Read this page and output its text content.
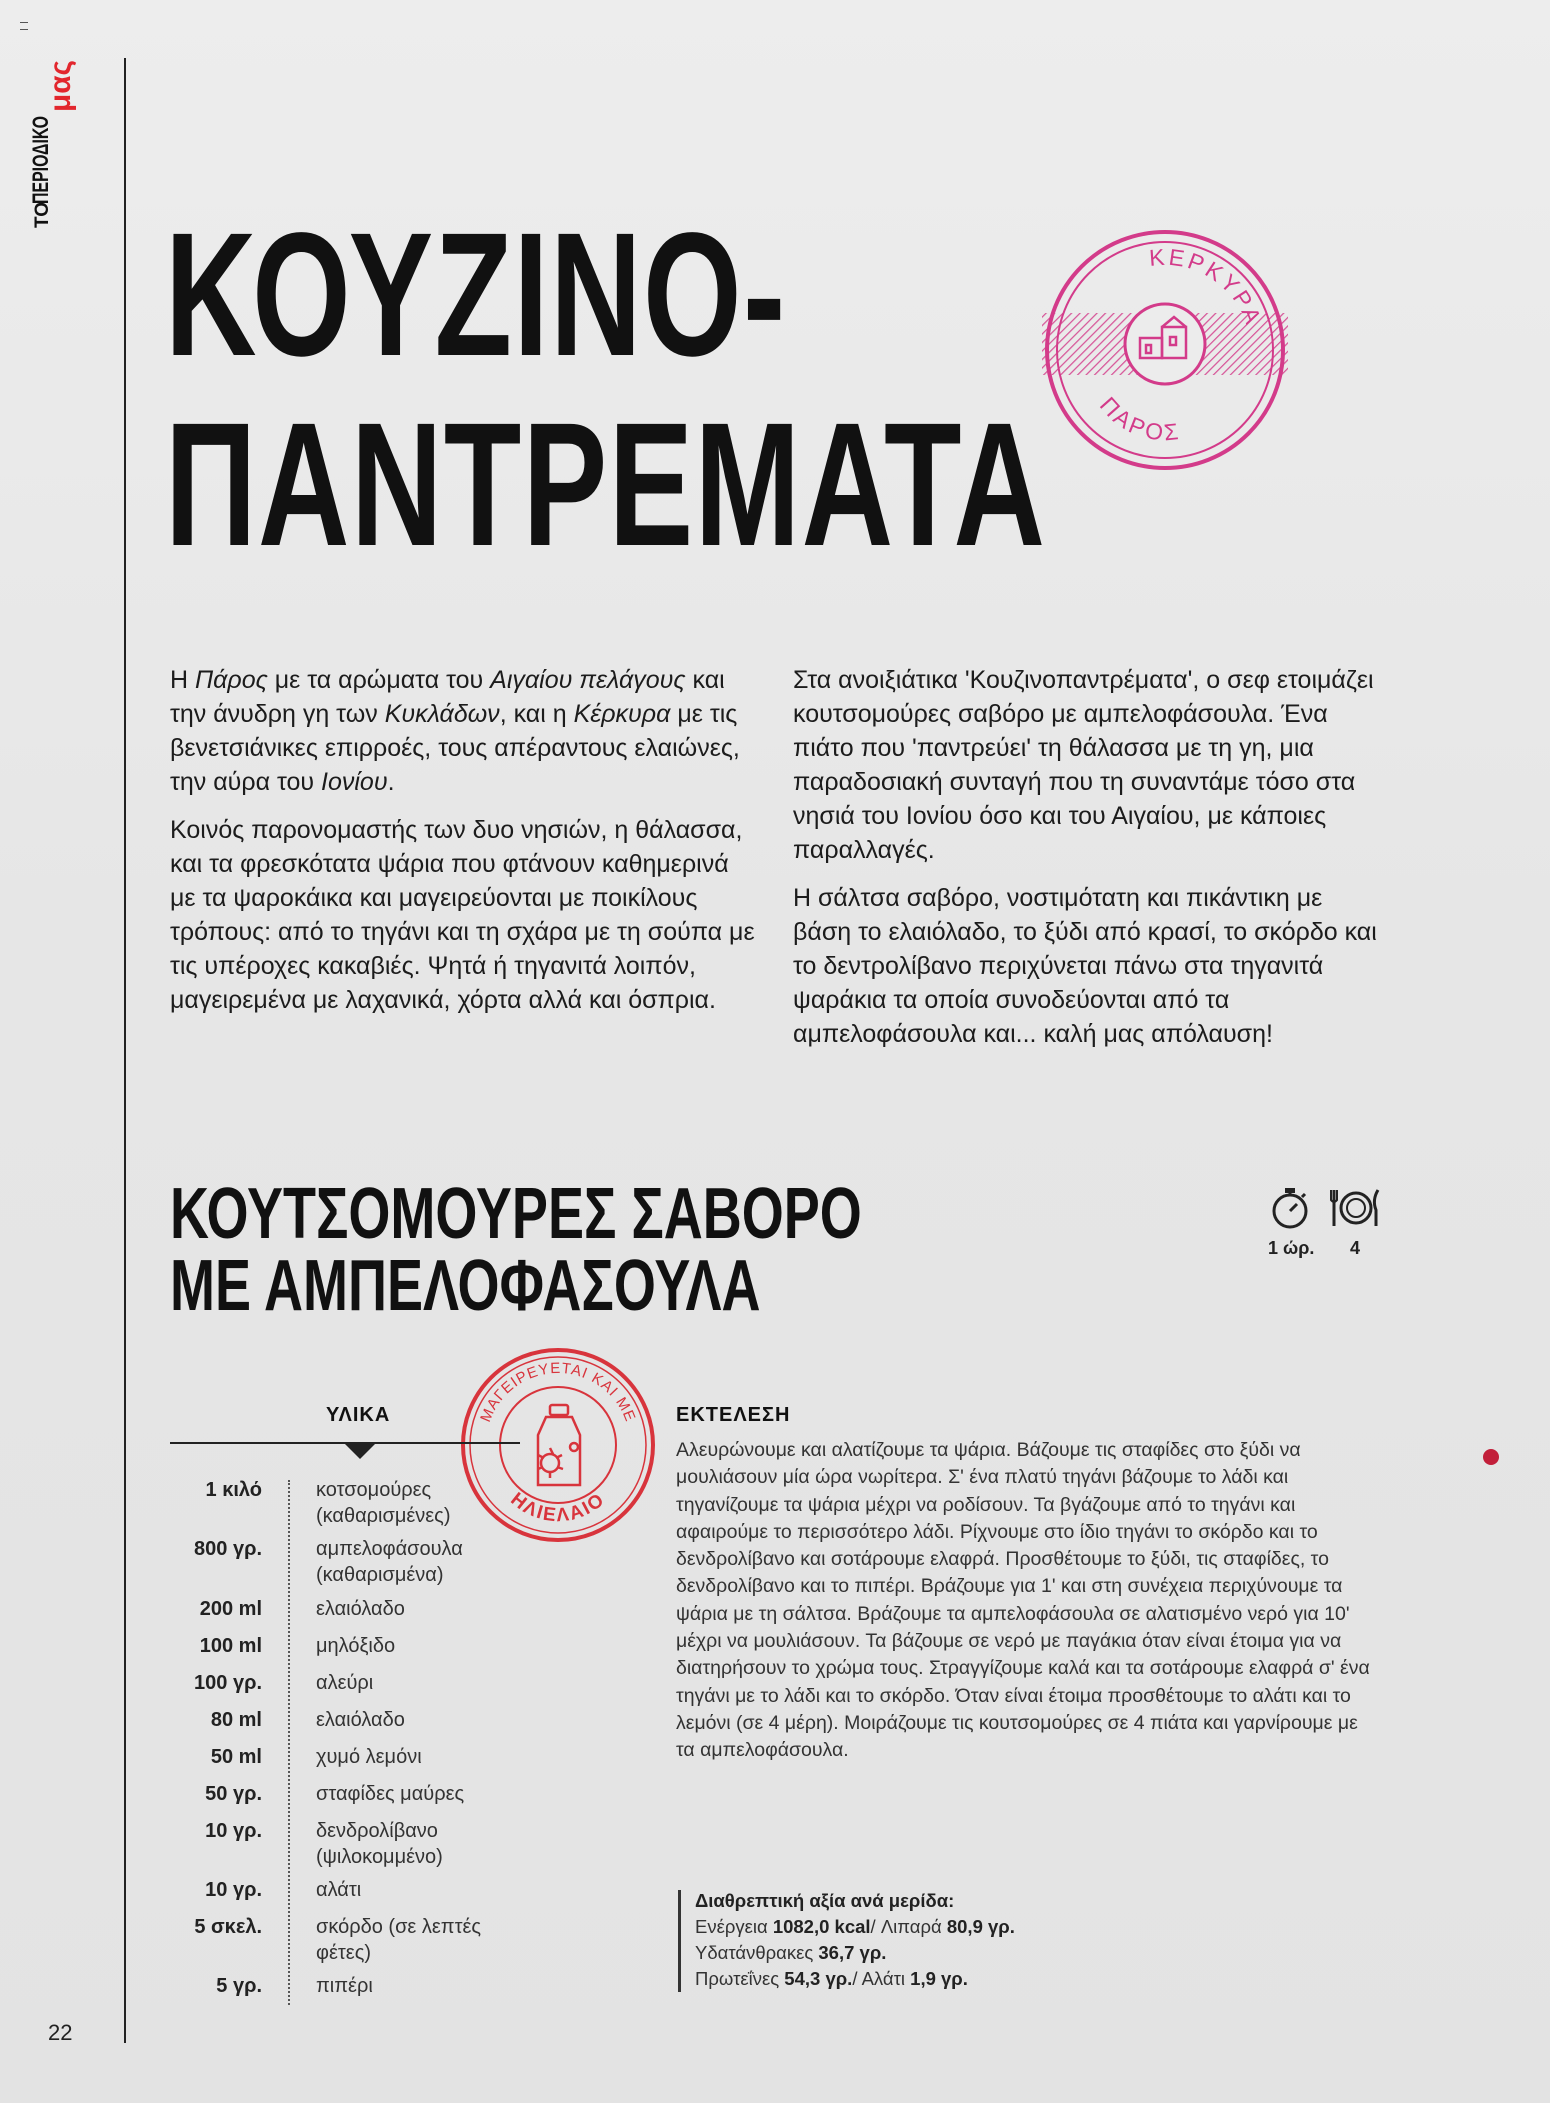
ΤΟ
ΠΕΡΙΟΔΙΚΟ
μας
22
ΚΟΥΖΙΝΟ-
ΠΑΝΤΡΕΜΑΤΑ
ΚΕΡΚΥΡΑ
ΠΑΡΟΣ

Η Πάρος με τα αρώματα του Αιγαίου πελάγους και την άνυδρη γη των Κυκλάδων, και η Κέρκυρα με τις βενετσιάνικες επιρροές, τους απέραντους ελαιώνες, την αύρα του Ιονίου.

Κοινός παρονομαστής των δυο νησιών, η θάλασσα, και τα φρεσκότατα ψάρια που φτάνουν καθημερινά με τα ψαροκάικα και μαγειρεύονται με ποικίλους τρόπους: από το τηγάνι και τη σχάρα με τη σούπα με τις υπέροχες κακαβιές. Ψητά ή τηγανιτά λοιπόν, μαγειρεμένα με λαχανικά, χόρτα αλλά και όσπρια.

Στα ανοιξιάτικα 'Κουζινοπαντρέματα', ο σεφ ετοιμάζει κουτσομούρες σαβόρο με αμπελοφάσουλα. Ένα πιάτο που 'παντρεύει' τη θάλασσα με τη γη, μια παραδοσιακή συνταγή που τη συναντάμε τόσο στα νησιά του Ιονίου όσο και του Αιγαίου, με κάποιες παραλλαγές.

Η σάλτσα σαβόρο, νοστιμότατη και πικάντικη με βάση το ελαιόλαδο, το ξύδι από κρασί, το σκόρδο και το δεντρολίβανο περιχύνεται πάνω στα τηγανιτά ψαράκια τα οποία συνοδεύονται από τα αμπελοφάσουλα και... καλή μας απόλαυση!

ΚΟΥΤΣΟΜΟΥΡΕΣ ΣΑΒΟΡΟ
ΜΕ ΑΜΠΕΛΟΦΑΣΟΥΛΑ	1 ώρ. 4
ΜΑΓΕΙΡΕΥΕΤΑΙ ΚΑΙ ΜΕ
ΗΛΙΕΛΑΙΟ
ΥΛΙΚΑ
1 κιλό	κοτσομούρες (καθαρισμένες)
800 γρ.	αμπελοφάσουλα (καθαρισμένα)
200 ml	ελαιόλαδο
100 ml	μηλόξιδο
100 γρ.	αλεύρι
80 ml	ελαιόλαδο
50 ml	χυμό λεμόνι
50 γρ.	σταφίδες μαύρες
10 γρ.	δενδρολίβανο (ψιλοκομμένο)
10 γρ.	αλάτι
5 σκελ.	σκόρδο (σε λεπτές φέτες)
5 γρ.	πιπέρι
ΕΚΤΕΛΕΣΗ
Αλευρώνουμε και αλατίζουμε τα ψάρια. Βάζουμε τις σταφίδες στο ξύδι να μουλιάσουν μία ώρα νωρίτερα. Σ' ένα πλατύ τηγάνι βάζουμε το λάδι και τηγανίζουμε τα ψάρια μέχρι να ροδίσουν. Τα βγάζουμε από το τηγάνι και αφαιρούμε το περισσότερο λάδι. Ρίχνουμε στο ίδιο τηγάνι το σκόρδο και το δενδρολίβανο και σοτάρουμε ελαφρά. Προσθέτουμε το ξύδι, τις σταφίδες, το δενδρολίβανο και το πιπέρι. Βράζουμε για 1' και στη συνέχεια περιχύνουμε τα ψάρια με τη σάλτσα. Βράζουμε τα αμπελοφάσουλα σε αλατισμένο νερό για 10' μέχρι να μουλιάσουν. Τα βάζουμε σε νερό με παγάκια όταν είναι έτοιμα για να διατηρήσουν το χρώμα τους. Στραγγίζουμε καλά και τα σοτάρουμε ελαφρά σ' ένα τηγάνι με το λάδι και το σκόρδο. Όταν είναι έτοιμα προσθέτουμε το αλάτι και το λεμόνι (σε 4 μέρη). Μοιράζουμε τις κουτσομούρες σε 4 πιάτα και γαρνίρουμε με τα αμπελοφάσουλα.
Διαθρεπτική αξία ανά μερίδα:
Ενέργεια 1082,0 kcal/ Λιπαρά 80,9 γρ.
Υδατάνθρακες 36,7 γρ.
Πρωτεΐνες 54,3 γρ./ Αλάτι 1,9 γρ.
